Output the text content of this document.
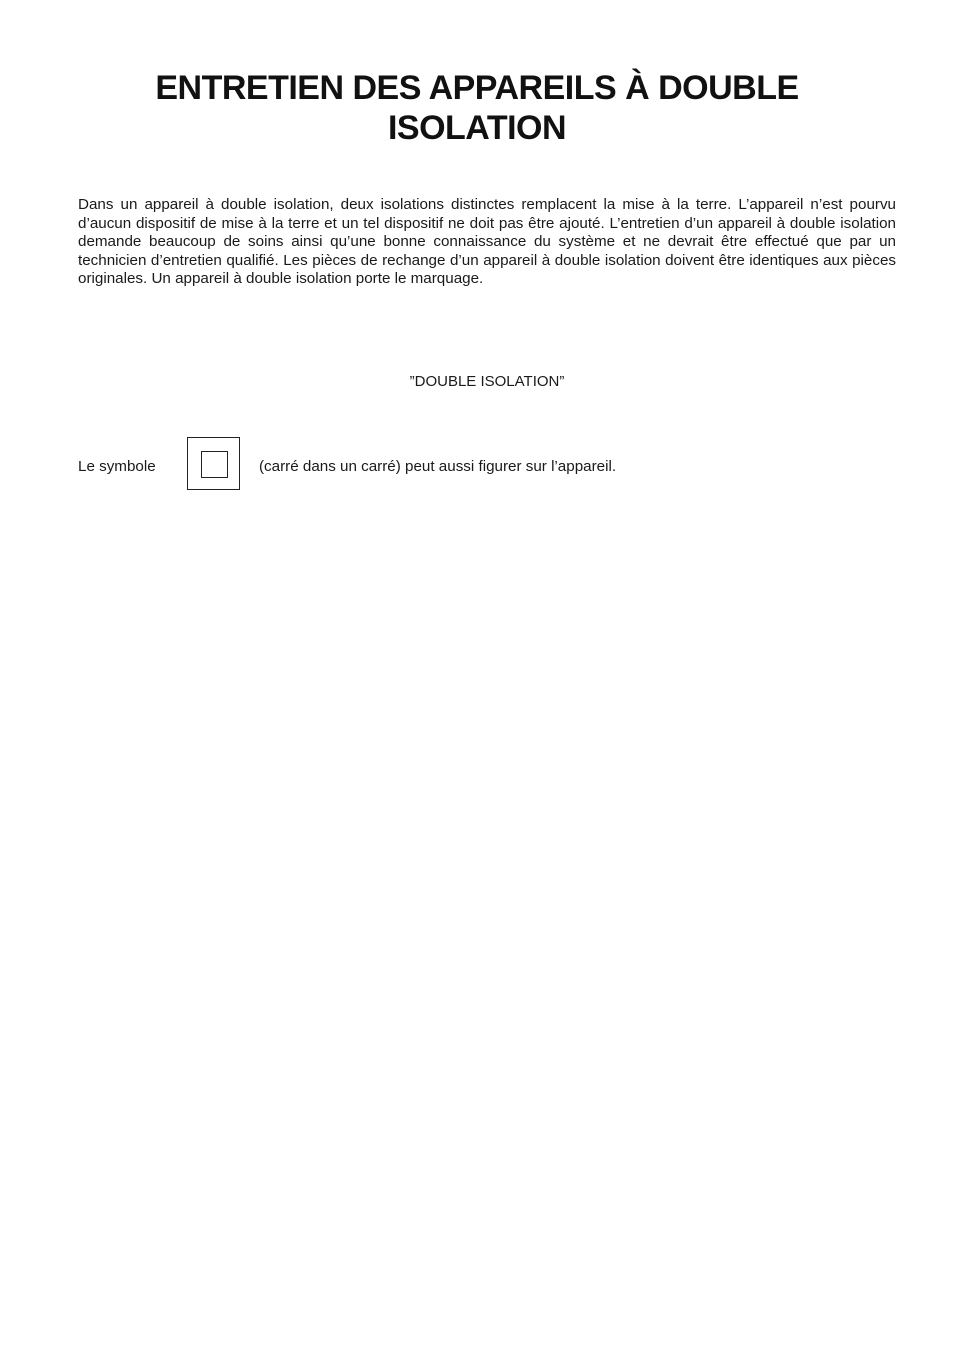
ENTRETIEN DES APPAREILS À DOUBLE
ISOLATION

Dans un appareil à double isolation, deux isolations distinctes remplacent la mise à la terre. L’appareil n’est pourvu d’aucun dispositif de mise à la terre et un tel dispositif ne doit pas être ajouté. L’entretien d’un appareil à double isolation demande beaucoup de soins ainsi qu’une bonne connaissance du système et ne devrait être effectué que par un technicien d’entretien qualifié. Les pièces de rechange d’un appareil à double isolation doivent être identiques aux pièces originales. Un appareil à double isolation porte le marquage.

”DOUBLE ISOLATION”
Le symbole	(carré dans un carré) peut aussi figurer sur l’appareil.
